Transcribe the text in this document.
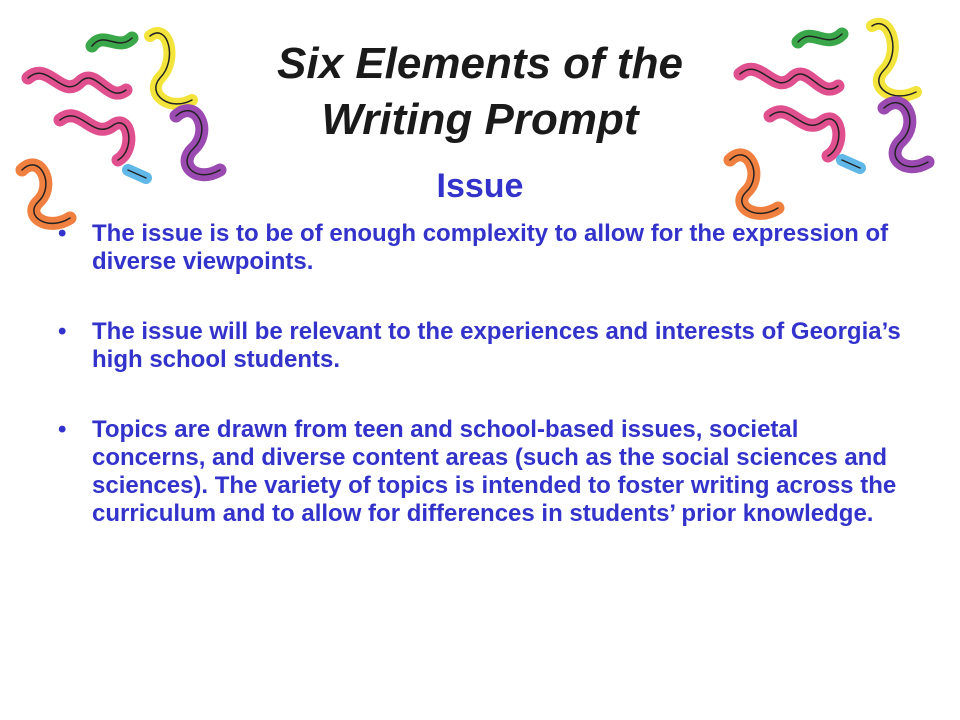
Six Elements of the Writing Prompt
Issue
• The issue is to be of enough complexity to allow for the expression of diverse viewpoints.
• The issue will be relevant to the experiences and interests of Georgia’s high school students.
• Topics are drawn from teen and school-based issues, societal concerns, and diverse content areas (such as the social sciences and sciences). The variety of topics is intended to foster writing across the curriculum and to allow for differences in students’ prior knowledge.
